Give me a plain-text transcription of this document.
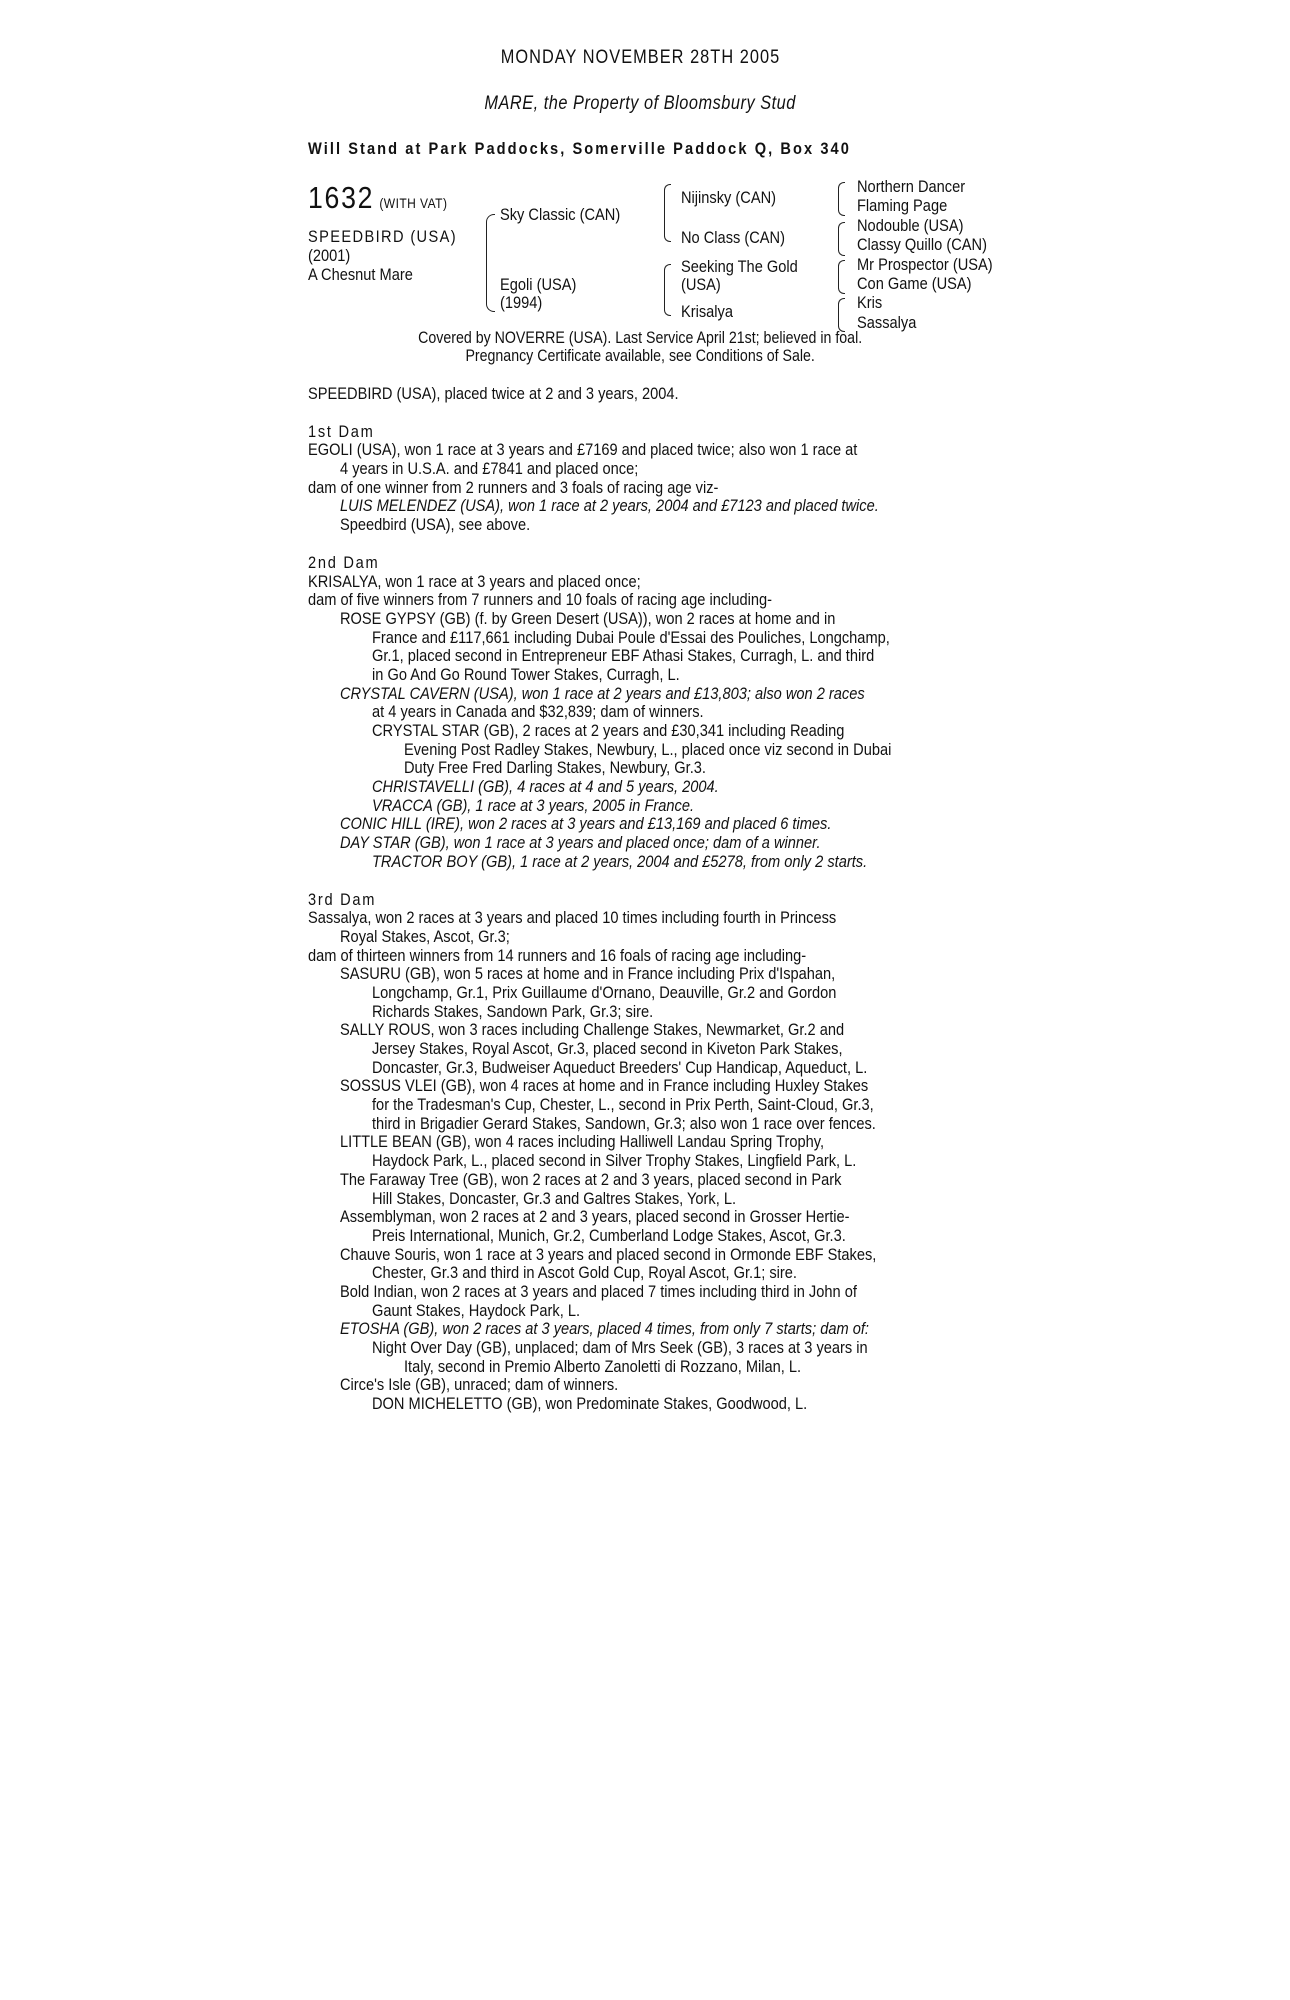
MONDAY NOVEMBER 28TH 2005
MARE, the Property of Bloomsbury Stud
Will Stand at Park Paddocks, Somerville Paddock Q, Box 340
1632 (WITH VAT)
SPEEDBIRD (USA)
(2001)
A Chesnut Mare
Sky Classic (CAN)
Egoli (USA)
(1994)
Nijinsky (CAN)
No Class (CAN)
Seeking The Gold
(USA)
Krisalya
Northern Dancer
Flaming Page
Nodouble (USA)
Classy Quillo (CAN)
Mr Prospector (USA)
Con Game (USA)
Kris
Sassalya
Covered by NOVERRE (USA). Last Service April 21st; believed in foal.
Pregnancy Certificate available, see Conditions of Sale.
SPEEDBIRD (USA), placed twice at 2 and 3 years, 2004.
1st Dam
EGOLI (USA), won 1 race at 3 years and £7169 and placed twice; also won 1 race at
4 years in U.S.A. and £7841 and placed once;
dam of one winner from 2 runners and 3 foals of racing age viz-
LUIS MELENDEZ (USA), won 1 race at 2 years, 2004 and £7123 and placed twice.
Speedbird (USA), see above.
2nd Dam
KRISALYA, won 1 race at 3 years and placed once;
dam of five winners from 7 runners and 10 foals of racing age including-
ROSE GYPSY (GB) (f. by Green Desert (USA)), won 2 races at home and in
France and £117,661 including Dubai Poule d'Essai des Pouliches, Longchamp,
Gr.1, placed second in Entrepreneur EBF Athasi Stakes, Curragh, L. and third
in Go And Go Round Tower Stakes, Curragh, L.
CRYSTAL CAVERN (USA), won 1 race at 2 years and £13,803; also won 2 races
at 4 years in Canada and $32,839; dam of winners.
CRYSTAL STAR (GB), 2 races at 2 years and £30,341 including Reading
Evening Post Radley Stakes, Newbury, L., placed once viz second in Dubai
Duty Free Fred Darling Stakes, Newbury, Gr.3.
CHRISTAVELLI (GB), 4 races at 4 and 5 years, 2004.
VRACCA (GB), 1 race at 3 years, 2005 in France.
CONIC HILL (IRE), won 2 races at 3 years and £13,169 and placed 6 times.
DAY STAR (GB), won 1 race at 3 years and placed once; dam of a winner.
TRACTOR BOY (GB), 1 race at 2 years, 2004 and £5278, from only 2 starts.
3rd Dam
Sassalya, won 2 races at 3 years and placed 10 times including fourth in Princess
Royal Stakes, Ascot, Gr.3;
dam of thirteen winners from 14 runners and 16 foals of racing age including-
SASURU (GB), won 5 races at home and in France including Prix d'Ispahan,
Longchamp, Gr.1, Prix Guillaume d'Ornano, Deauville, Gr.2 and Gordon
Richards Stakes, Sandown Park, Gr.3; sire.
SALLY ROUS, won 3 races including Challenge Stakes, Newmarket, Gr.2 and
Jersey Stakes, Royal Ascot, Gr.3, placed second in Kiveton Park Stakes,
Doncaster, Gr.3, Budweiser Aqueduct Breeders' Cup Handicap, Aqueduct, L.
SOSSUS VLEI (GB), won 4 races at home and in France including Huxley Stakes
for the Tradesman's Cup, Chester, L., second in Prix Perth, Saint-Cloud, Gr.3,
third in Brigadier Gerard Stakes, Sandown, Gr.3; also won 1 race over fences.
LITTLE BEAN (GB), won 4 races including Halliwell Landau Spring Trophy,
Haydock Park, L., placed second in Silver Trophy Stakes, Lingfield Park, L.
The Faraway Tree (GB), won 2 races at 2 and 3 years, placed second in Park
Hill Stakes, Doncaster, Gr.3 and Galtres Stakes, York, L.
Assemblyman, won 2 races at 2 and 3 years, placed second in Grosser Hertie-
Preis International, Munich, Gr.2, Cumberland Lodge Stakes, Ascot, Gr.3.
Chauve Souris, won 1 race at 3 years and placed second in Ormonde EBF Stakes,
Chester, Gr.3 and third in Ascot Gold Cup, Royal Ascot, Gr.1; sire.
Bold Indian, won 2 races at 3 years and placed 7 times including third in John of
Gaunt Stakes, Haydock Park, L.
ETOSHA (GB), won 2 races at 3 years, placed 4 times, from only 7 starts; dam of:
Night Over Day (GB), unplaced; dam of Mrs Seek (GB), 3 races at 3 years in
Italy, second in Premio Alberto Zanoletti di Rozzano, Milan, L.
Circe's Isle (GB), unraced; dam of winners.
DON MICHELETTO (GB), won Predominate Stakes, Goodwood, L.
